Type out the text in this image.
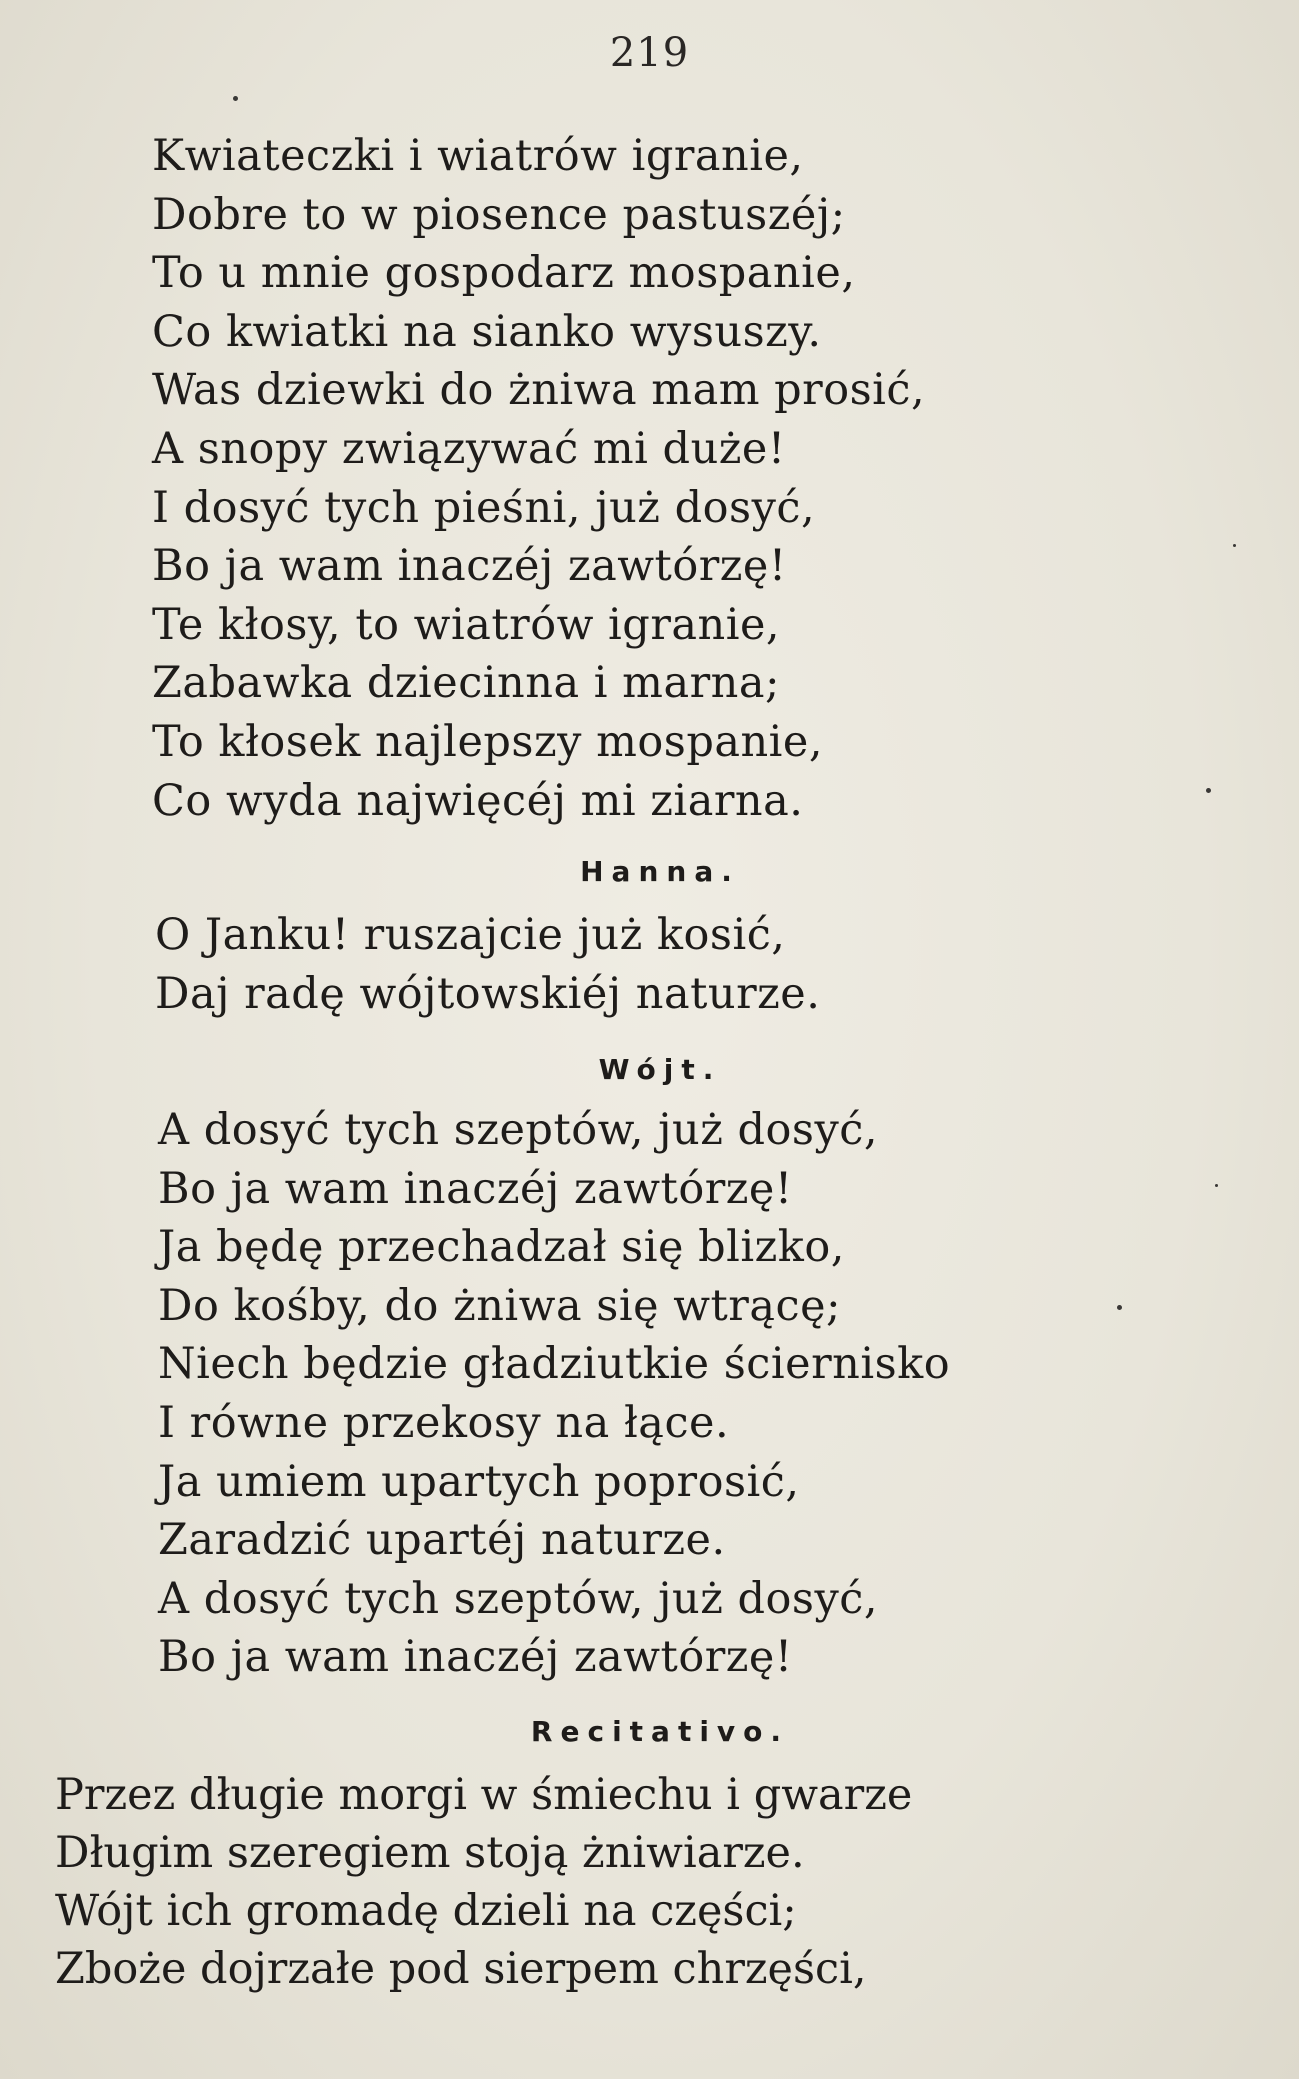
219
Kwiateczki i wiatrów igranie,
Dobre to w piosence pastuszéj;
To u mnie gospodarz mospanie,
Co kwiatki na sianko wysuszy.
Was dziewki do żniwa mam prosić,
A snopy związywać mi duże!
I dosyć tych pieśni, już dosyć,
Bo ja wam inaczéj zawtórzę!
Te kłosy, to wiatrów igranie,
Zabawka dziecinna i marna;
To kłosek najlepszy mospanie,
Co wyda najwięcéj mi ziarna.
Hanna.
O Janku! ruszajcie już kosić,
Daj radę wójtowskiéj naturze.
Wójt.
A dosyć tych szeptów, już dosyć,
Bo ja wam inaczéj zawtórzę!
Ja będę przechadzał się blizko,
Do kośby, do żniwa się wtrącę;
Niech będzie gładziutkie ściernisko
I równe przekosy na łące.
Ja umiem upartych poprosić,
Zaradzić upartéj naturze.
A dosyć tych szeptów, już dosyć,
Bo ja wam inaczéj zawtórzę!
Recitativo.
Przez długie morgi w śmiechu i gwarze
Długim szeregiem stoją żniwiarze.
Wójt ich gromadę dzieli na części;
Zboże dojrzałe pod sierpem chrzęści,
